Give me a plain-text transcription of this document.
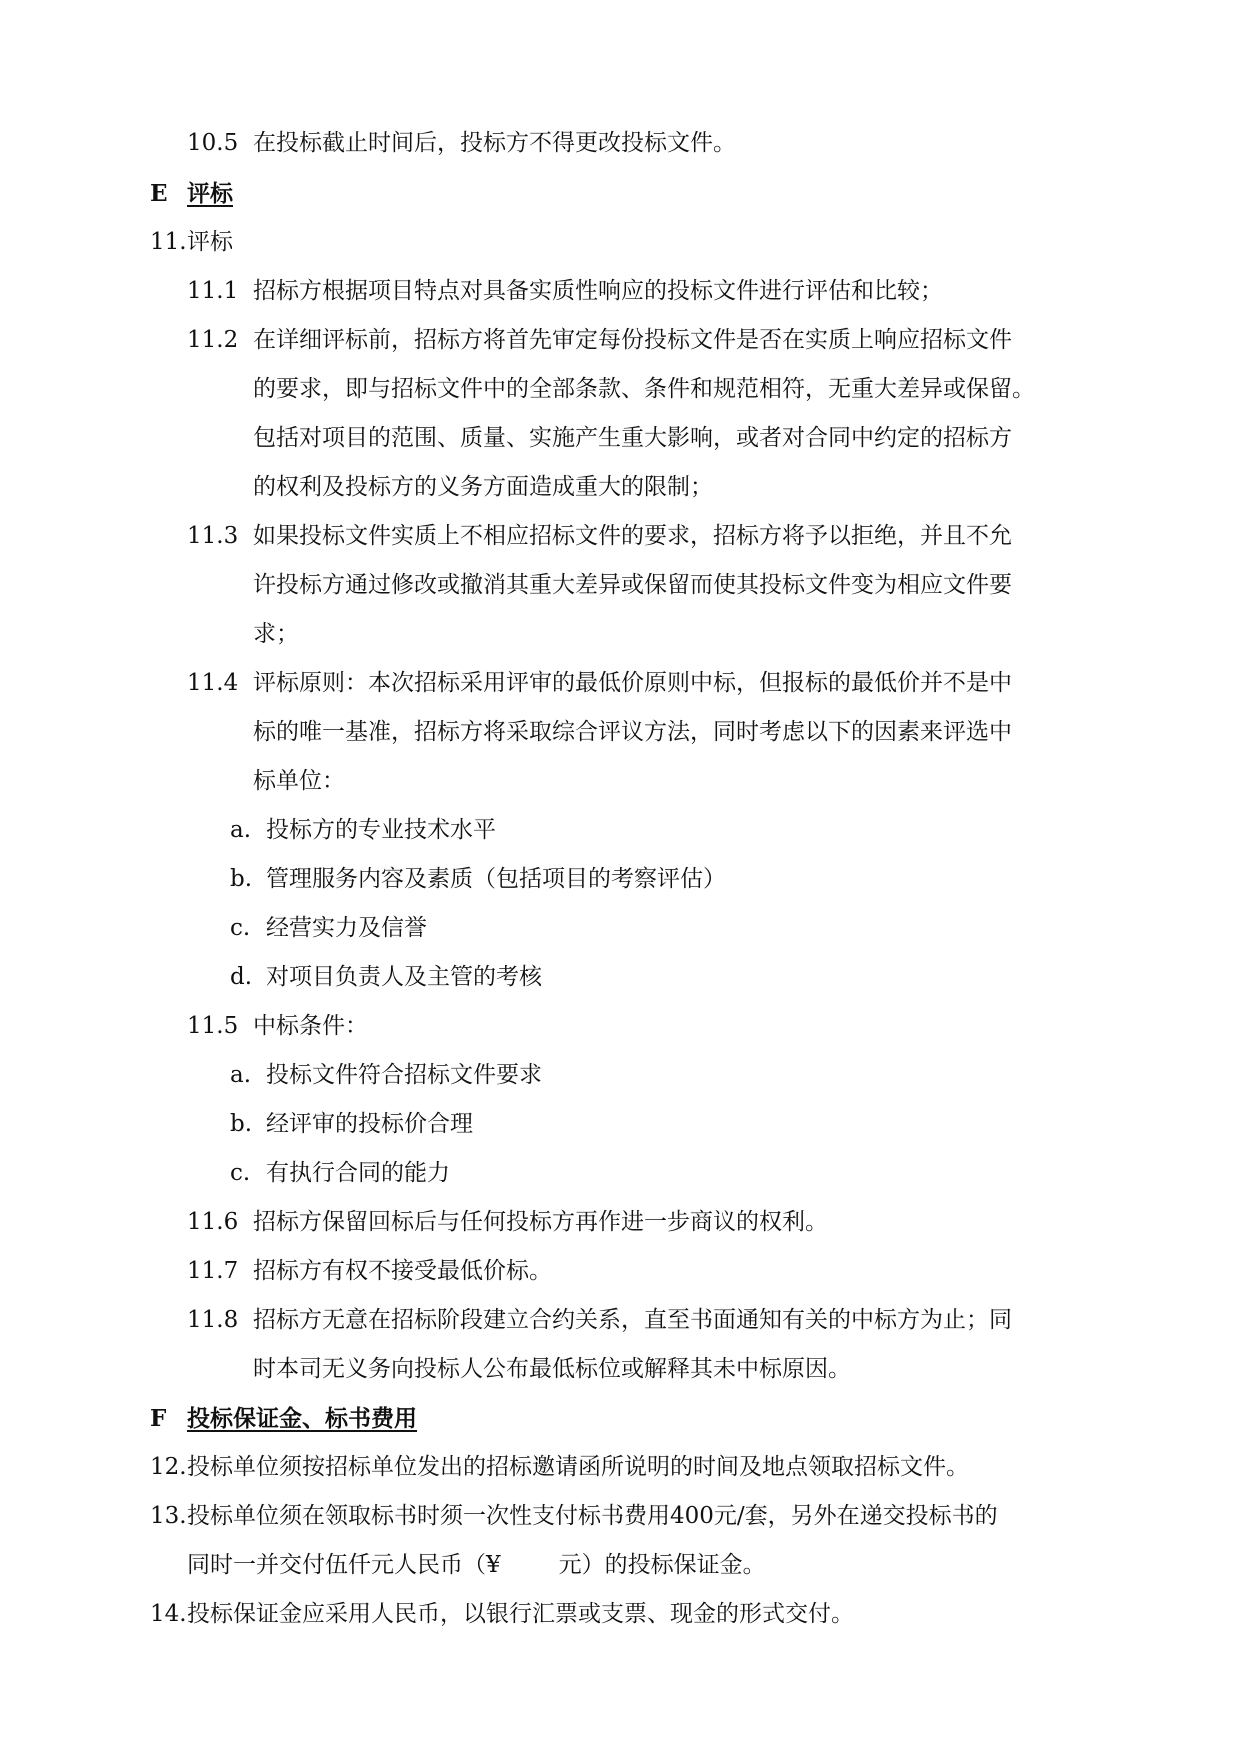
10.5 在投标截止时间后，投标方不得更改投标文件。
E 评标
11. 评标
11.1 招标方根据项目特点对具备实质性响应的投标文件进行评估和比较；
11.2 在详细评标前，招标方将首先审定每份投标文件是否在实质上响应招标文件
的要求，即与招标文件中的全部条款、条件和规范相符，无重大差异或保留。
包括对项目的范围、质量、实施产生重大影响，或者对合同中约定的招标方
的权利及投标方的义务方面造成重大的限制；
11.3 如果投标文件实质上不相应招标文件的要求，招标方将予以拒绝，并且不允
许投标方通过修改或撤消其重大差异或保留而使其投标文件变为相应文件要
求；
11.4 评标原则：本次招标采用评审的最低价原则中标，但报标的最低价并不是中
标的唯一基准，招标方将采取综合评议方法，同时考虑以下的因素来评选中
标单位：
a. 投标方的专业技术水平
b. 管理服务内容及素质（包括项目的考察评估）
c. 经营实力及信誉
d. 对项目负责人及主管的考核
11.5 中标条件：
a. 投标文件符合招标文件要求
b. 经评审的投标价合理
c. 有执行合同的能力
11.6 招标方保留回标后与任何投标方再作进一步商议的权利。
11.7 招标方有权不接受最低价标。
11.8 招标方无意在招标阶段建立合约关系，直至书面通知有关的中标方为止；同
时本司无义务向投标人公布最低标位或解释其未中标原因。
F 投标保证金、标书费用
12. 投标单位须按招标单位发出的招标邀请函所说明的时间及地点领取招标文件。
13. 投标单位须在领取标书时须一次性支付标书费用400元/套，另外在递交投标书的
同时一并交付伍仟元人民币（¥	元）的投标保证金。
14. 投标保证金应采用人民币，以银行汇票或支票、现金的形式交付。
